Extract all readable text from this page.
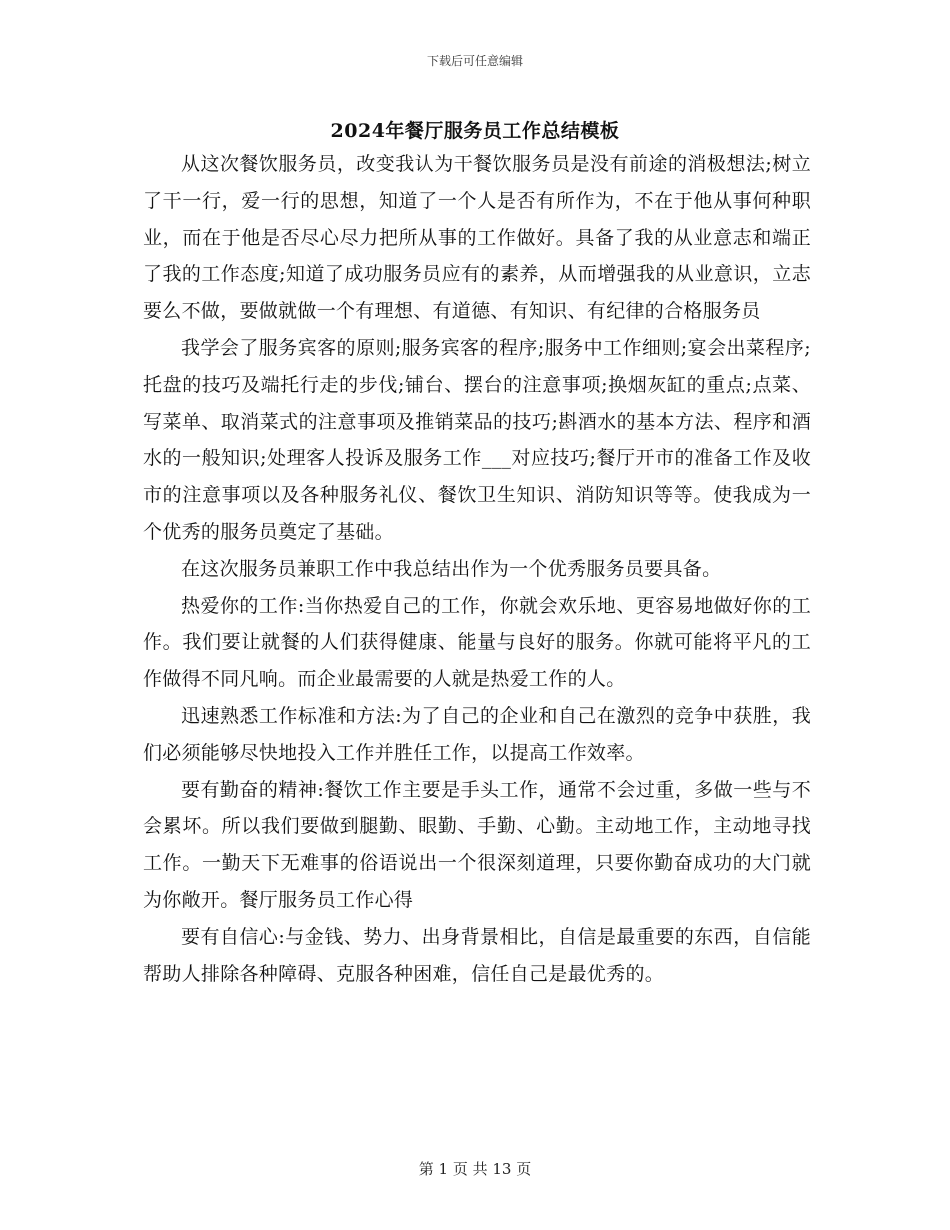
下载后可任意编辑
2024年餐厅服务员工作总结模板

从这次餐饮服务员，改变我认为干餐饮服务员是没有前途的消极想法;树立了干一行，爱一行的思想，知道了一个人是否有所作为，不在于他从事何种职业，而在于他是否尽心尽力把所从事的工作做好。具备了我的从业意志和端正了我的工作态度;知道了成功服务员应有的素养，从而增强我的从业意识，立志要么不做，要做就做一个有理想、有道德、有知识、有纪律的合格服务员

我学会了服务宾客的原则;服务宾客的程序;服务中工作细则;宴会出菜程序;托盘的技巧及端托行走的步伐;铺台、摆台的注意事项;换烟灰缸的重点;点菜、写菜单、取消菜式的注意事项及推销菜品的技巧;斟酒水的基本方法、程序和酒水的一般知识;处理客人投诉及服务工作___对应技巧;餐厅开市的准备工作及收市的注意事项以及各种服务礼仪、餐饮卫生知识、消防知识等等。使我成为一个优秀的服务员奠定了基础。

在这次服务员兼职工作中我总结出作为一个优秀服务员要具备。

热爱你的工作:当你热爱自己的工作，你就会欢乐地、更容易地做好你的工作。我们要让就餐的人们获得健康、能量与良好的服务。你就可能将平凡的工作做得不同凡响。而企业最需要的人就是热爱工作的人。

迅速熟悉工作标准和方法:为了自己的企业和自己在激烈的竞争中获胜，我们必须能够尽快地投入工作并胜任工作，以提高工作效率。

要有勤奋的精神:餐饮工作主要是手头工作，通常不会过重，多做一些与不会累坏。所以我们要做到腿勤、眼勤、手勤、心勤。主动地工作，主动地寻找工作。一勤天下无难事的俗语说出一个很深刻道理，只要你勤奋成功的大门就为你敞开。餐厅服务员工作心得

要有自信心:与金钱、势力、出身背景相比，自信是最重要的东西，自信能帮助人排除各种障碍、克服各种困难，信任自己是最优秀的。

第 1 页 共 13 页
